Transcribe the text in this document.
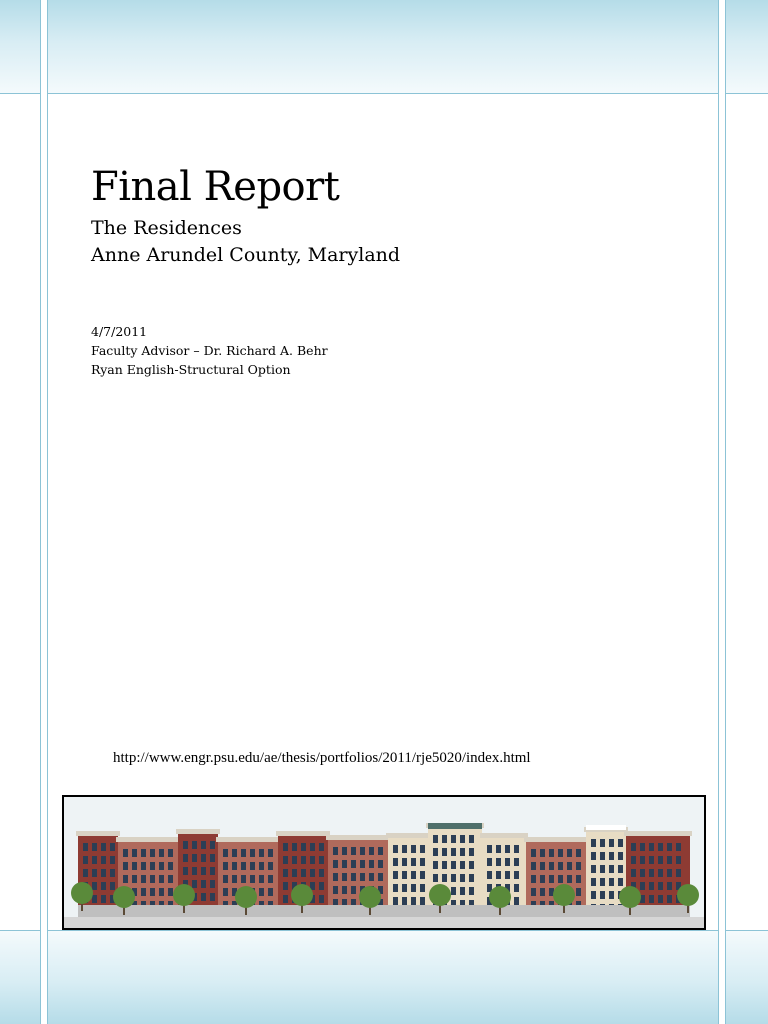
Final Report
The Residences
Anne Arundel County, Maryland
4/7/2011
Faculty Advisor – Dr. Richard A. Behr
Ryan English-Structural Option
http://www.engr.psu.edu/ae/thesis/portfolios/2011/rje5020/index.html
